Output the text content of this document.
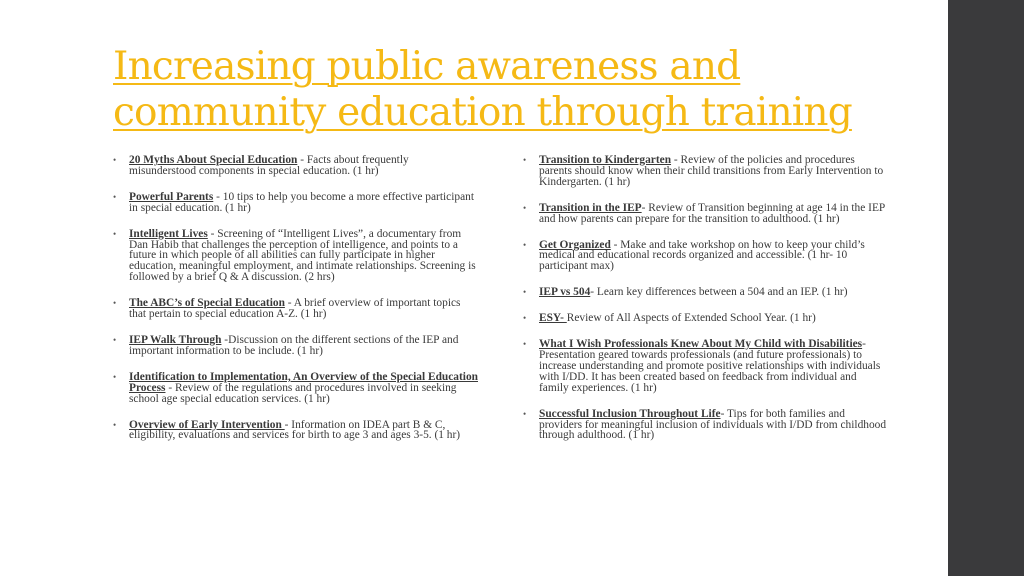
Increasing public awareness and
community education through training

• 20 Myths About Special Education - Facts about frequently misunderstood components in special education. (1 hr)

• Powerful Parents - 10 tips to help you become a more effective participant in special education. (1 hr)

• Intelligent Lives - Screening of “Intelligent Lives”, a documentary from Dan Habib that challenges the perception of intelligence, and points to a future in which people of all abilities can fully participate in higher education, meaningful employment, and intimate relationships. Screening is followed by a brief Q & A discussion. (2 hrs)

• The ABC’s of Special Education - A brief overview of important topics that pertain to special education A-Z. (1 hr)

• IEP Walk Through -Discussion on the different sections of the IEP and important information to be include. (1 hr)

• Identification to Implementation, An Overview of the Special Education Process - Review of the regulations and procedures involved in seeking school age special education services. (1 hr)

• Overview of Early Intervention - Information on IDEA part B & C, eligibility, evaluations and services for birth to age 3 and ages 3-5. (1 hr)

• Transition to Kindergarten - Review of the policies and procedures parents should know when their child transitions from Early Intervention to Kindergarten. (1 hr)

• Transition in the IEP- Review of Transition beginning at age 14 in the IEP and how parents can prepare for the transition to adulthood. (1 hr)

• Get Organized - Make and take workshop on how to keep your child’s medical and educational records organized and accessible. (1 hr- 10 participant max)

• IEP vs 504- Learn key differences between a 504 and an IEP. (1 hr)

• ESY- Review of All Aspects of Extended School Year. (1 hr)

• What I Wish Professionals Knew About My Child with Disabilities- Presentation geared towards professionals (and future professionals) to increase understanding and promote positive relationships with individuals with I/DD. It has been created based on feedback from individual and family experiences. (1 hr)

• Successful Inclusion Throughout Life- Tips for both families and providers for meaningful inclusion of individuals with I/DD from childhood through adulthood. (1 hr)
